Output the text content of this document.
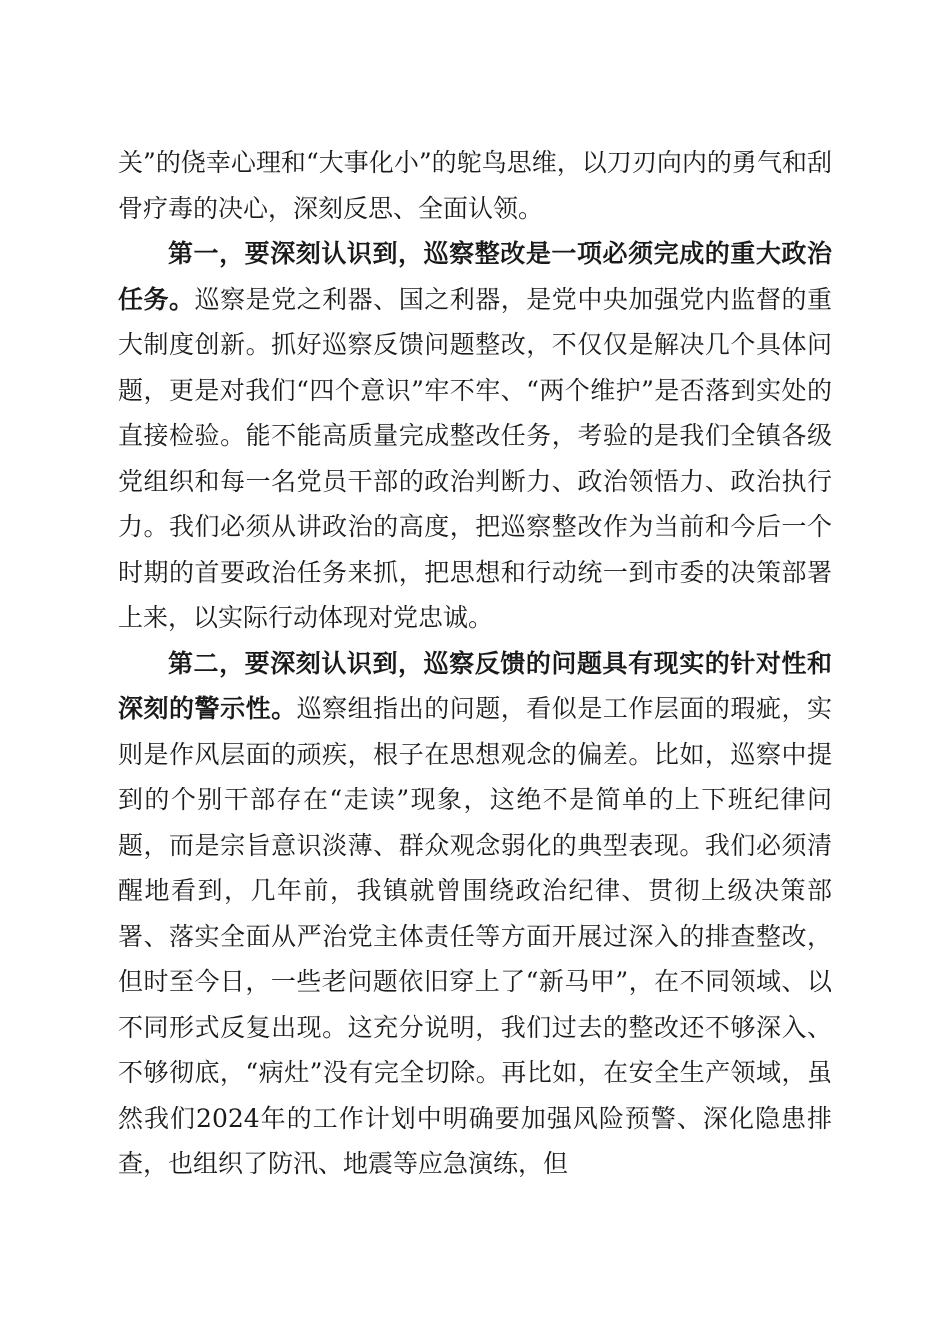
关”的侥幸心理和“大事化小”的鸵鸟思维，以刀刃向内的勇气和刮骨疗毒的决心，深刻反思、全面认领。

第一，要深刻认识到，巡察整改是一项必须完成的重大政治任务。巡察是党之利器、国之利器，是党中央加强党内监督的重大制度创新。抓好巡察反馈问题整改，不仅仅是解决几个具体问题，更是对我们“四个意识”牢不牢、“两个维护”是否落到实处的直接检验。能不能高质量完成整改任务，考验的是我们全镇各级党组织和每一名党员干部的政治判断力、政治领悟力、政治执行力。我们必须从讲政治的高度，把巡察整改作为当前和今后一个时期的首要政治任务来抓，把思想和行动统一到市委的决策部署上来，以实际行动体现对党忠诚。

第二，要深刻认识到，巡察反馈的问题具有现实的针对性和深刻的警示性。巡察组指出的问题，看似是工作层面的瑕疵，实则是作风层面的顽疾，根子在思想观念的偏差。比如，巡察中提到的个别干部存在“走读”现象，这绝不是简单的上下班纪律问题，而是宗旨意识淡薄、群众观念弱化的典型表现。我们必须清醒地看到，几年前，我镇就曾围绕政治纪律、贯彻上级决策部署、落实全面从严治党主体责任等方面开展过深入的排查整改，但时至今日，一些老问题依旧穿上了“新马甲”，在不同领域、以不同形式反复出现。这充分说明，我们过去的整改还不够深入、不够彻底，“病灶”没有完全切除。再比如，在安全生产领域，虽然我们2024年的工作计划中明确要加强风险预警、深化隐患排查，也组织了防汛、地震等应急演练，但
